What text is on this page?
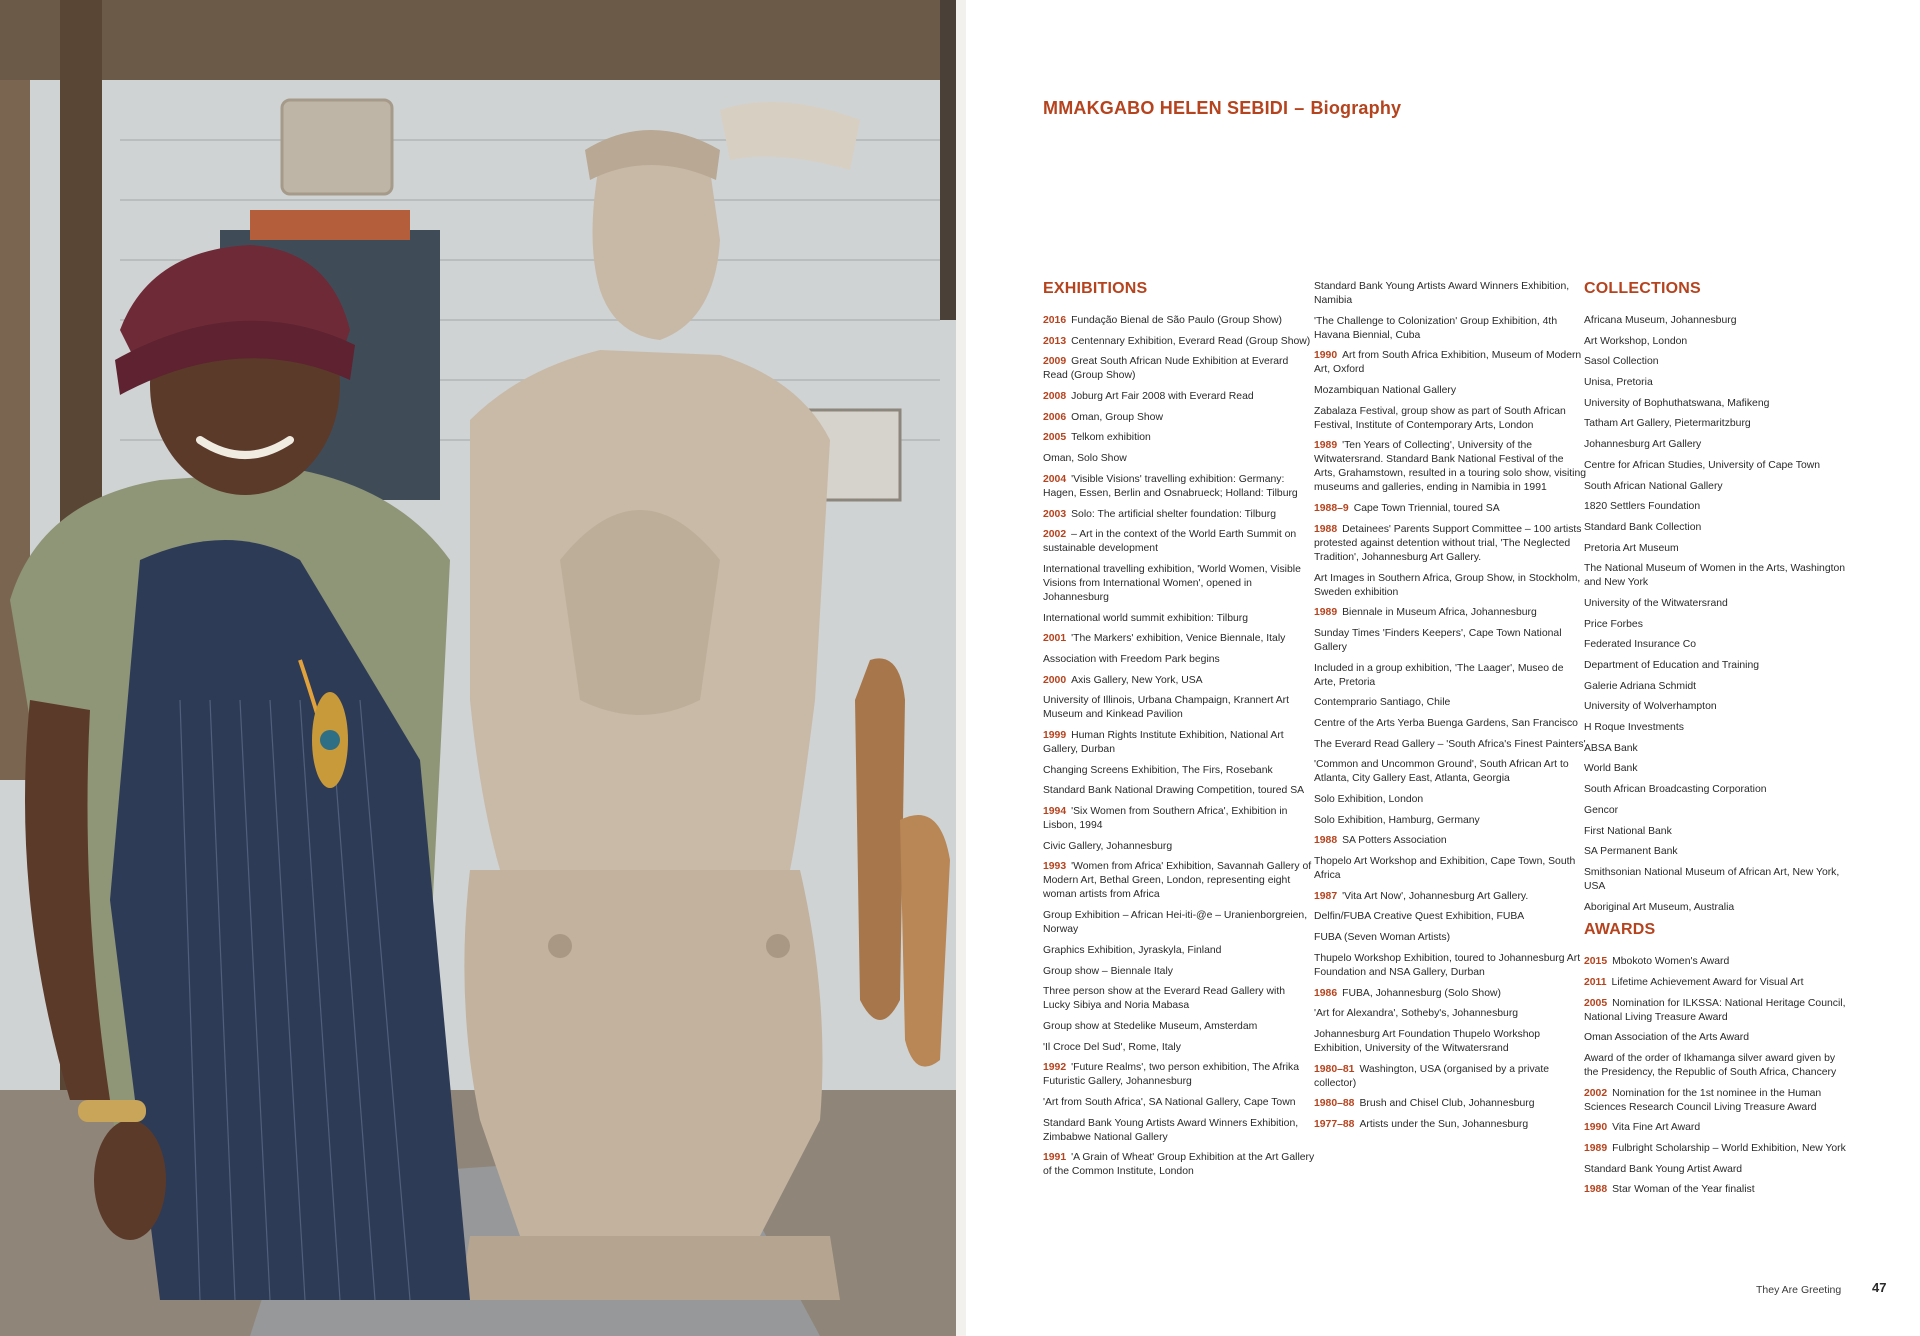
MMAKGABO HELEN SEBIDI – Biography
EXHIBITIONS
2016 Fundação Bienal de São Paulo (Group Show)
2013 Centennary Exhibition, Everard Read (Group Show)
2009 Great South African Nude Exhibition at Everard Read (Group Show)
2008 Joburg Art Fair 2008 with Everard Read
2006 Oman, Group Show
2005 Telkom exhibition
Oman, Solo Show
2004 'Visible Visions' travelling exhibition: Germany: Hagen, Essen, Berlin and Osnabrueck; Holland: Tilburg
2003 Solo: The artificial shelter foundation: Tilburg
2002 – Art in the context of the World Earth Summit on sustainable development
International travelling exhibition, 'World Women, Visible Visions from International Women', opened in Johannesburg
International world summit exhibition: Tilburg
2001 'The Markers' exhibition, Venice Biennale, Italy
Association with Freedom Park begins
2000 Axis Gallery, New York, USA
University of Illinois, Urbana Champaign, Krannert Art Museum and Kinkead Pavilion
1999 Human Rights Institute Exhibition, National Art Gallery, Durban
Changing Screens Exhibition, The Firs, Rosebank
Standard Bank National Drawing Competition, toured SA
1994 'Six Women from Southern Africa', Exhibition in Lisbon, 1994
Civic Gallery, Johannesburg
1993 'Women from Africa' Exhibition, Savannah Gallery of Modern Art, Bethal Green, London, representing eight woman artists from Africa
Group Exhibition – African Hei-iti-@e – Uranienborgreien, Norway
Graphics Exhibition, Jyraskyla, Finland
Group show – Biennale Italy
Three person show at the Everard Read Gallery with Lucky Sibiya and Noria Mabasa
Group show at Stedelike Museum, Amsterdam
'Il Croce Del Sud', Rome, Italy
1992 'Future Realms', two person exhibition, The Afrika Futuristic Gallery, Johannesburg
'Art from South Africa', SA National Gallery, Cape Town
Standard Bank Young Artists Award Winners Exhibition, Zimbabwe National Gallery
1991 'A Grain of Wheat' Group Exhibition at the Art Gallery of the Common Institute, London
Standard Bank Young Artists Award Winners Exhibition, Namibia
'The Challenge to Colonization' Group Exhibition, 4th Havana Biennial, Cuba
1990 Art from South Africa Exhibition, Museum of Modern Art, Oxford
Mozambiquan National Gallery
Zabalaza Festival, group show as part of South African Festival, Institute of Contemporary Arts, London
1989 'Ten Years of Collecting', University of the Witwatersrand. Standard Bank National Festival of the Arts, Grahamstown, resulted in a touring solo show, visiting museums and galleries, ending in Namibia in 1991
1988–9 Cape Town Triennial, toured SA
1988 Detainees' Parents Support Committee – 100 artists protested against detention without trial, 'The Neglected Tradition', Johannesburg Art Gallery.
Art Images in Southern Africa, Group Show, in Stockholm, Sweden exhibition
1989 Biennale in Museum Africa, Johannesburg
Sunday Times 'Finders Keepers', Cape Town National Gallery
Included in a group exhibition, 'The Laager', Museo de Arte, Pretoria
Contemprario Santiago, Chile
Centre of the Arts Yerba Buenga Gardens, San Francisco
The Everard Read Gallery – 'South Africa's Finest Painters'
'Common and Uncommon Ground', South African Art to Atlanta, City Gallery East, Atlanta, Georgia
Solo Exhibition, London
Solo Exhibition, Hamburg, Germany
1988 SA Potters Association
Thopelo Art Workshop and Exhibition, Cape Town, South Africa
1987 'Vita Art Now', Johannesburg Art Gallery.
Delfin/FUBA Creative Quest Exhibition, FUBA
FUBA (Seven Woman Artists)
Thupelo Workshop Exhibition, toured to Johannesburg Art Foundation and NSA Gallery, Durban
1986 FUBA, Johannesburg (Solo Show)
'Art for Alexandra', Sotheby's, Johannesburg
Johannesburg Art Foundation Thupelo Workshop Exhibition, University of the Witwatersrand
1980–81 Washington, USA (organised by a private collector)
1980–88 Brush and Chisel Club, Johannesburg
1977–88 Artists under the Sun, Johannesburg
COLLECTIONS
Africana Museum, Johannesburg
Art Workshop, London
Sasol Collection
Unisa, Pretoria
University of Bophuthatswana, Mafikeng
Tatham Art Gallery, Pietermaritzburg
Johannesburg Art Gallery
Centre for African Studies, University of Cape Town
South African National Gallery
1820 Settlers Foundation
Standard Bank Collection
Pretoria Art Museum
The National Museum of Women in the Arts, Washington and New York
University of the Witwatersrand
Price Forbes
Federated Insurance Co
Department of Education and Training
Galerie Adriana Schmidt
University of Wolverhampton
H Roque Investments
ABSA Bank
World Bank
South African Broadcasting Corporation
Gencor
First National Bank
SA Permanent Bank
Smithsonian National Museum of African Art, New York, USA
Aboriginal Art Museum, Australia
AWARDS
2015 Mbokoto Women's Award
2011 Lifetime Achievement Award for Visual Art
2005 Nomination for ILKSSA: National Heritage Council, National Living Treasure Award
Oman Association of the Arts Award
Award of the order of Ikhamanga silver award given by the Presidency, the Republic of South Africa, Chancery
2002 Nomination for the 1st nominee in the Human Sciences Research Council Living Treasure Award
1990 Vita Fine Art Award
1989 Fulbright Scholarship – World Exhibition, New York
Standard Bank Young Artist Award
1988 Star Woman of the Year finalist
They Are Greeting 47
